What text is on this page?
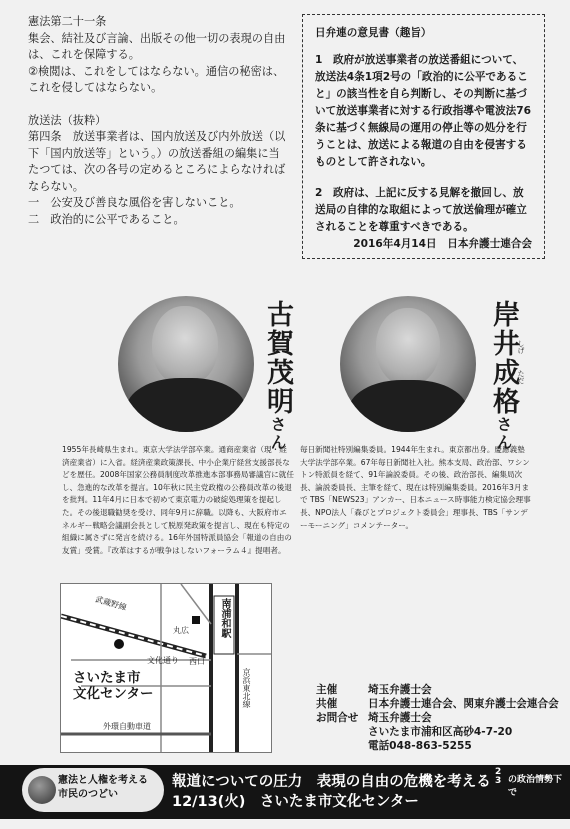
憲法第二十一条

集会、結社及び言論、出版その他一切の表現の自由は、これを保障する。

②検閲は、これをしてはならない。通信の秘密は、これを侵してはならない。

放送法（抜粋）

第四条　放送事業者は、国内放送及び内外放送（以下「国内放送等」という。）の放送番組の編集に当たつては、次の各号の定めるところによらなければならない。

一　公安及び善良な風俗を害しないこと。

二　政治的に公平であること。

日弁連の意見書（趣旨）

1　政府が放送事業者の放送番組について、放送法4条1項2号の「政治的に公平であること」の該当性を自ら判断し、その判断に基づいて放送事業者に対する行政指導や電波法76条に基づく無線局の運用の停止等の処分を行うことは、放送による報道の自由を侵害するものとして許されない。

2　政府は、上記に反する見解を撤回し、放送局の自律的な取組によって放送倫理が確立されることを尊重すべきである。

2016年4月14日　日本弁護士連合会

古賀茂明さん
岸井成格さん
しげ
ただ
1955年長崎県生まれ。東京大学法学部卒業。通商産業省（現・経済産業省）に入省。経済産業政策課長、中小企業庁経営支援部長などを歴任。2008年国家公務員制度改革推進本部事務局審議官に就任し、急進的な改革を提言。10年秋に民主党政権の公務員改革の後退を批判。11年4月に日本で初めて東京電力の破綻処理策を提起した。その後退職勧奨を受け、同年9月に辞職。以降も、大阪府市エネルギー戦略会議副会長として脱原発政策を提言し、現在も特定の組織に属さずに発言を続ける。16年外国特派員協会「報道の自由の友賞」受賞。『改革はするが戦争はしないフォーラム４』提唱者。
毎日新聞社特別編集委員。1944年生まれ。東京都出身。慶應義塾大学法学部卒業。67年毎日新聞社入社。熊本支局、政治部、ワシントン特派員を経て、91年論説委員。その後、政治部長、編集局次長、論説委員長、主筆を経て、現在は特別編集委員。2016年3月まで TBS「NEWS23」アンカー、日本ニュース時事能力検定協会理事長、NPO法人「森びとプロジェクト委員会」理事長、TBS「サンデーモーニング」コメンテーター。
武蔵野線	南浦和駅
丸広
西口
文化通り
さいたま市
文化センター
外環自動車道
京浜東北線	主催	埼玉弁護士会
共催	日本弁護士連合会、関東弁護士会連合会
お問合せ 埼玉弁護士会
さいたま市浦和区高砂4-7-20
電話048-863-5255
憲法と人権を考える
市民のつどい
報道についての圧力　表現の自由の危機を考える
12/13(火)　 さいたま市文化センター
2
3 の政治情勢下で
